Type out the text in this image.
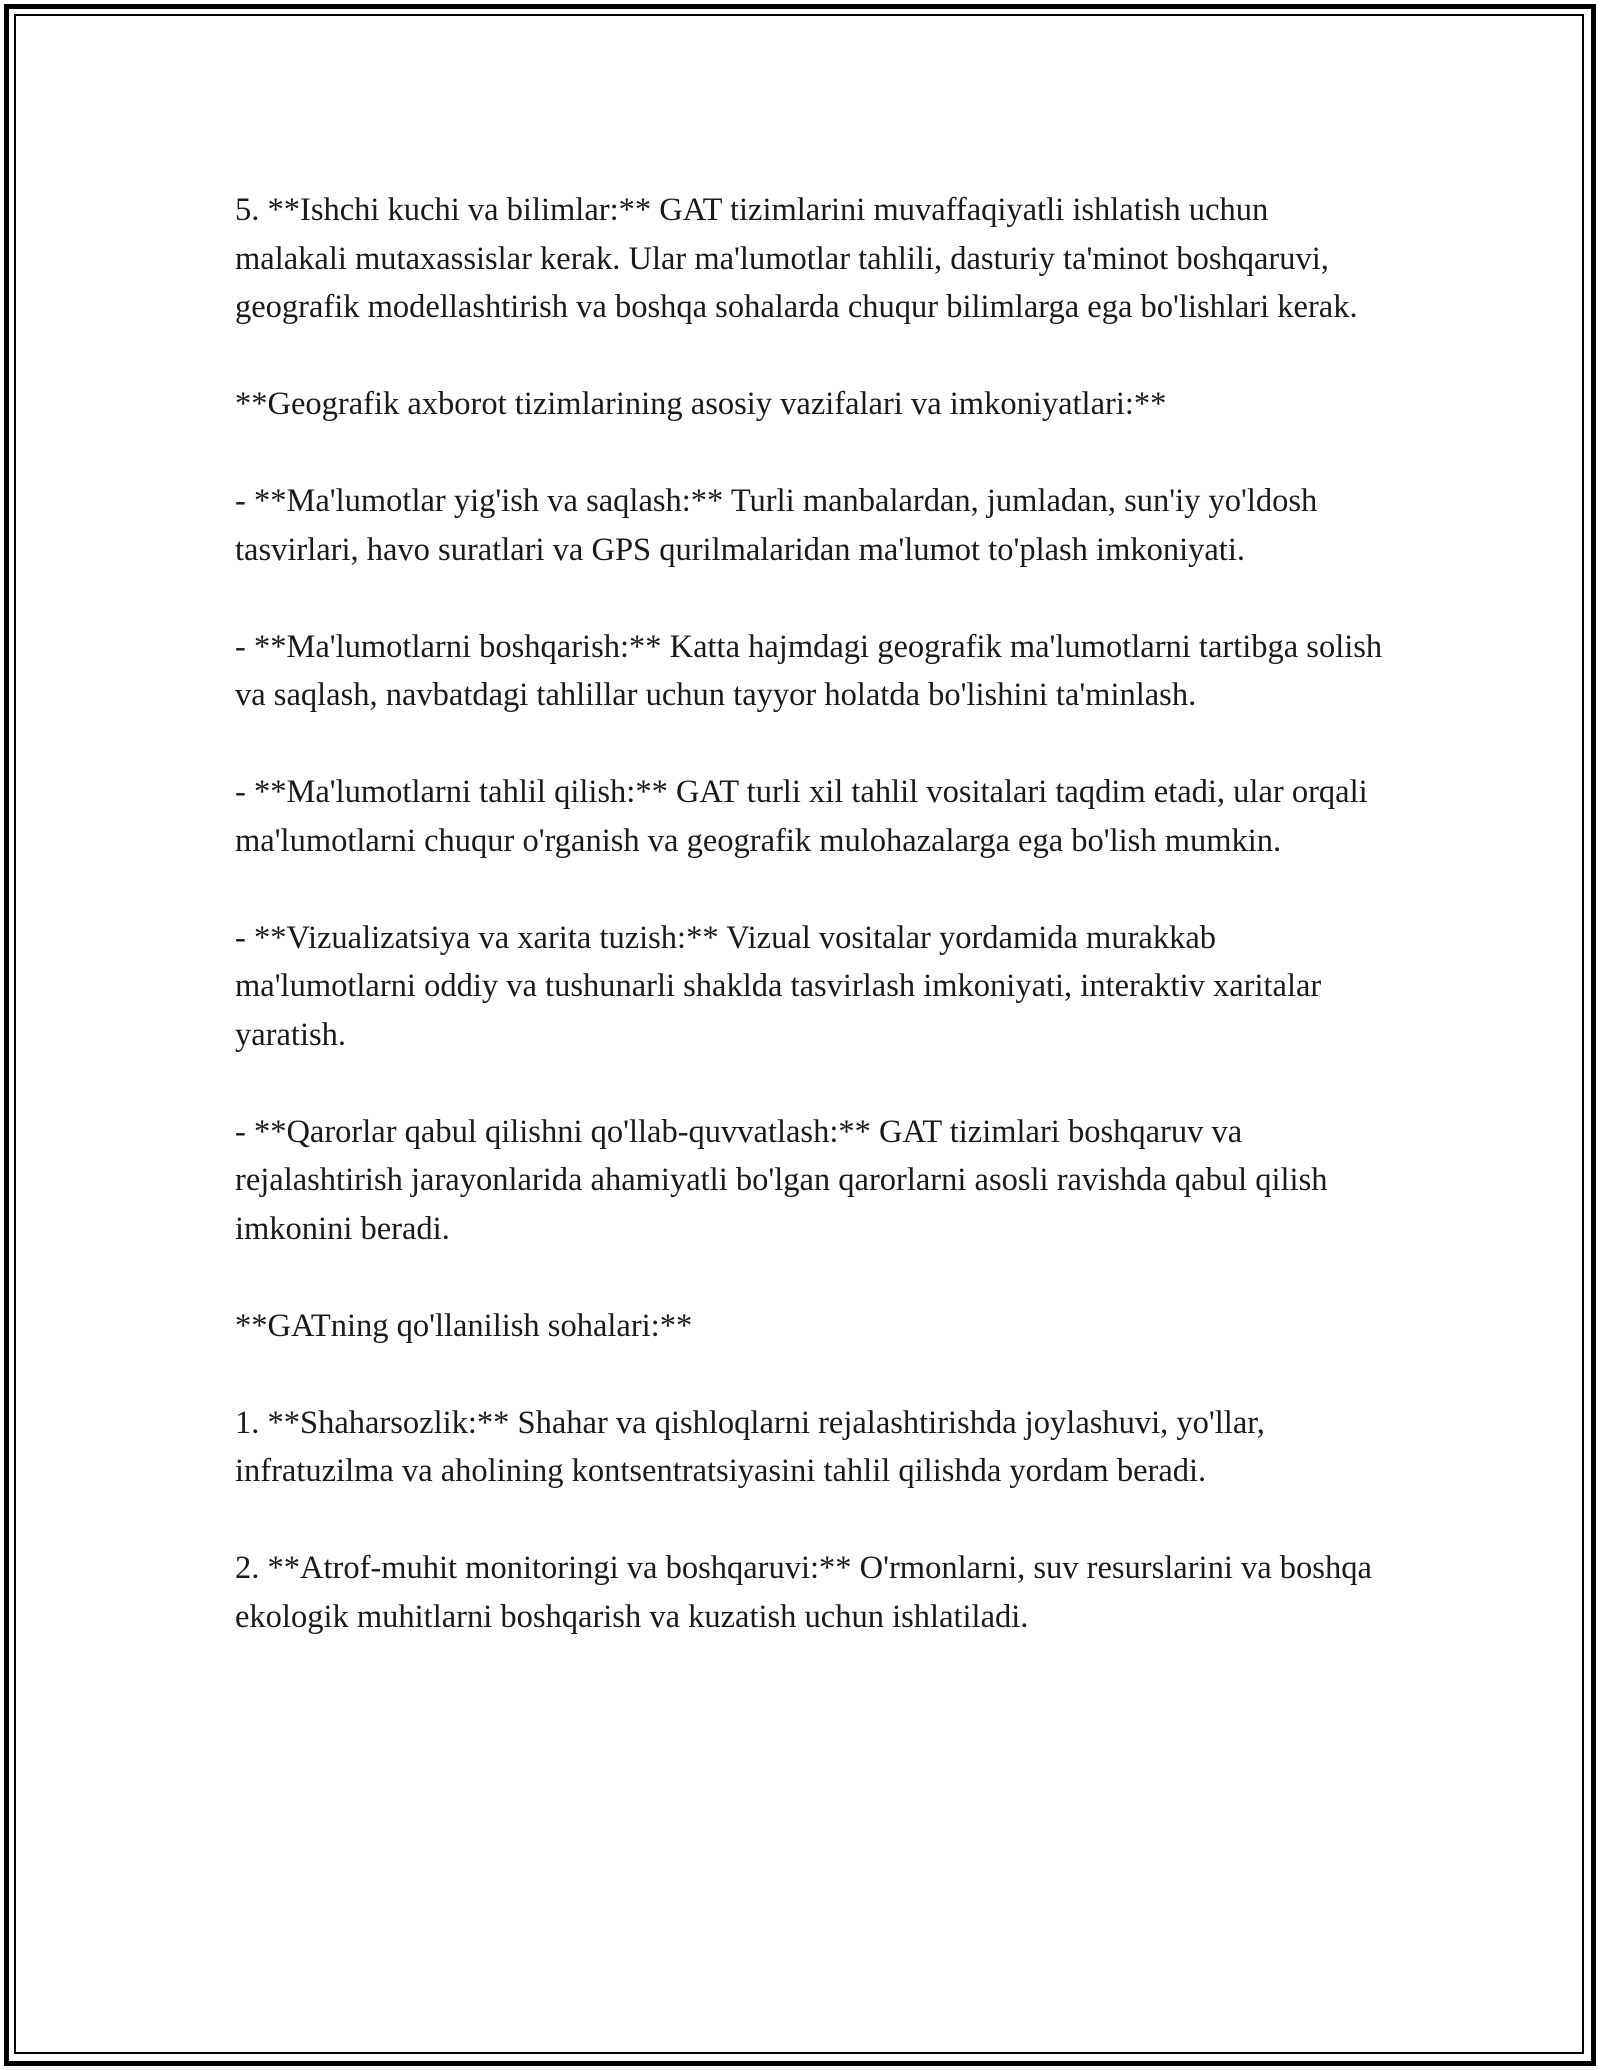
5. **Ishchi kuchi va bilimlar:** GAT tizimlarini muvaffaqiyatli ishlatish uchun malakali mutaxassislar kerak. Ular ma'lumotlar tahlili, dasturiy ta'minot boshqaruvi, geografik modellashtirish va boshqa sohalarda chuqur bilimlarga ega bo'lishlari kerak.

**Geografik axborot tizimlarining asosiy vazifalari va imkoniyatlari:**

- **Ma'lumotlar yig'ish va saqlash:** Turli manbalardan, jumladan, sun'iy yo'ldosh tasvirlari, havo suratlari va GPS qurilmalaridan ma'lumot to'plash imkoniyati.

- **Ma'lumotlarni boshqarish:** Katta hajmdagi geografik ma'lumotlarni tartibga solish va saqlash, navbatdagi tahlillar uchun tayyor holatda bo'lishini ta'minlash.

- **Ma'lumotlarni tahlil qilish:** GAT turli xil tahlil vositalari taqdim etadi, ular orqali ma'lumotlarni chuqur o'rganish va geografik mulohazalarga ega bo'lish mumkin.

- **Vizualizatsiya va xarita tuzish:** Vizual vositalar yordamida murakkab ma'lumotlarni oddiy va tushunarli shaklda tasvirlash imkoniyati, interaktiv xaritalar yaratish.

- **Qarorlar qabul qilishni qo'llab-quvvatlash:** GAT tizimlari boshqaruv va rejalashtirish jarayonlarida ahamiyatli bo'lgan qarorlarni asosli ravishda qabul qilish imkonini beradi.

**GATning qo'llanilish sohalari:**

1. **Shaharsozlik:** Shahar va qishloqlarni rejalashtirishda joylashuvi, yo'llar, infratuzilma va aholining kontsentratsiyasini tahlil qilishda yordam beradi.

2. **Atrof-muhit monitoringi va boshqaruvi:** O'rmonlarni, suv resurslarini va boshqa ekologik muhitlarni boshqarish va kuzatish uchun ishlatiladi.
